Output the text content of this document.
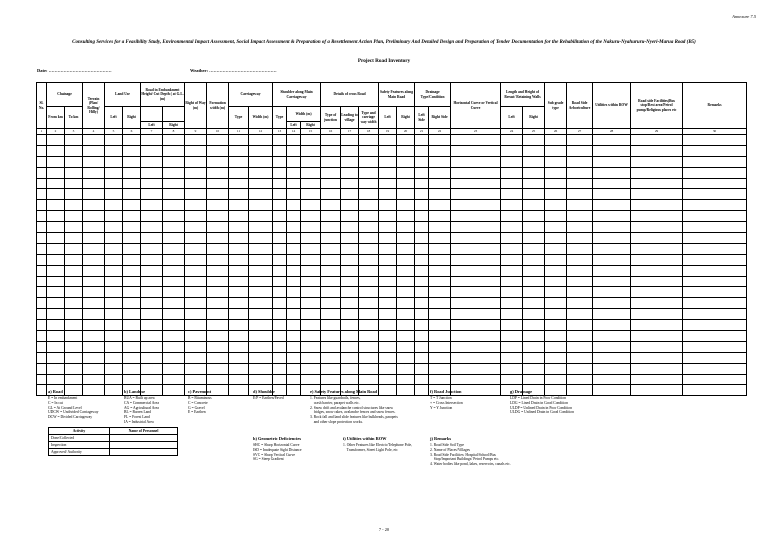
Annexure 7.5
Consulting Services for a Feasibility Study, Environmental Impact Assessment, Social Impact Assessment & Preparation of a Resettlement Action Plan, Preliminary And Detailed Design and Preparation of Tender Documentation for the Rehabilitation of the Nakuru-Nyahururu-Nyeri-Marua Road (B5)
Project Road Inventory
Date: ……………………………………	Weather: ………………………………………
Sl. No.	Chainage		Terrain (Plan/ Rolling/ Hilly)	Land Use		Road in Embankment Height/ Cut Depth ( at G.L. (m)		Right of Way (m)	Formation width (m)	Carriageway		Shoulder along Main Carriageway			Details of cross Road			Safety Features along Main Road		Drainage Type/Condition		Horizontal Curve or Vertical Curve	Length and Height of Breast/ Retaining Walls		Sub grade type	Road Side Arboriculture	Utilities within ROW	Road side Facilities(Bus stop/Rest area/Petrol pump/Religious places etc	Remarks
	From km	To km		Left	Right					Type	Width (m)	Type	Width (m)		Type of junction	Leading to village	Type and carriage way width	Left	Right	Left Side	Right Side		Left	Right					
						Left	Right						Left	Right															
1	2	3	4	5	6	7	8	9	10	11	12	13	14	15	16	17	18	19	20	21	22	23	24	25	26	27	28	29	30

a) Road
E = In embankment
C = In cut
GL = At Ground Level
UDCW = Undivided Carriageway
DCW = Divided Carriageway
b) Landuse
BUA = Built up area
CA = Commercial Area
AG = Agricultural Area
BL = Barren Land
FL = Forest Land
IA = Industrial Area
c) Pavement
B = Bituminous
C = Concrete
G = Gravel
E = Earthen
d) Shoulder
E/P = Earthen/Paved
e) Safety Features along Main Road
1. Features like guardrails, fences,
crash barrier, parapet walls etc.
2. Snow drift and avalanche control structures like snow
fridges, snow rakes, avalanche fences and snow fences.
3. Rock fall and land slide features like bulkheads, parapets
and other slope protection works.
f) Road Junction
T = T Junction
+ = Cross Intersection
Y = Y Junction
g) Drainage
LDP = Lined Drain in Poor Condition
LDG = Lined Drain in Good Condition
ULDP = Unlined Drain in Poor Condition
ULDG = Unlined Drain in Good Condition
Activity	Name of Personnel
Done/Collected	
Inspection	
Approved/ Authority	
h) Geometric Deficiencies
SHC = Sharp Horizontal Curve
ISD = Inadequate Sight Distance
SVC = Sharp Vertical Curve
SG = Steep Gradient
i) Utilities within ROW
1. Other Features like Electric/Telephone Pole,
Transformer, Street Light Pole, etc
j) Remarks
1. Road Side Soil Type
2. Name of Places/Villages
3. Road Side Facilities: Hospital/School/Bus
Stop/Important Buildings/ Petrol Pumps etc.
4. Water bodies like pond, lakes, reservoirs, canals etc.
7 - 20
